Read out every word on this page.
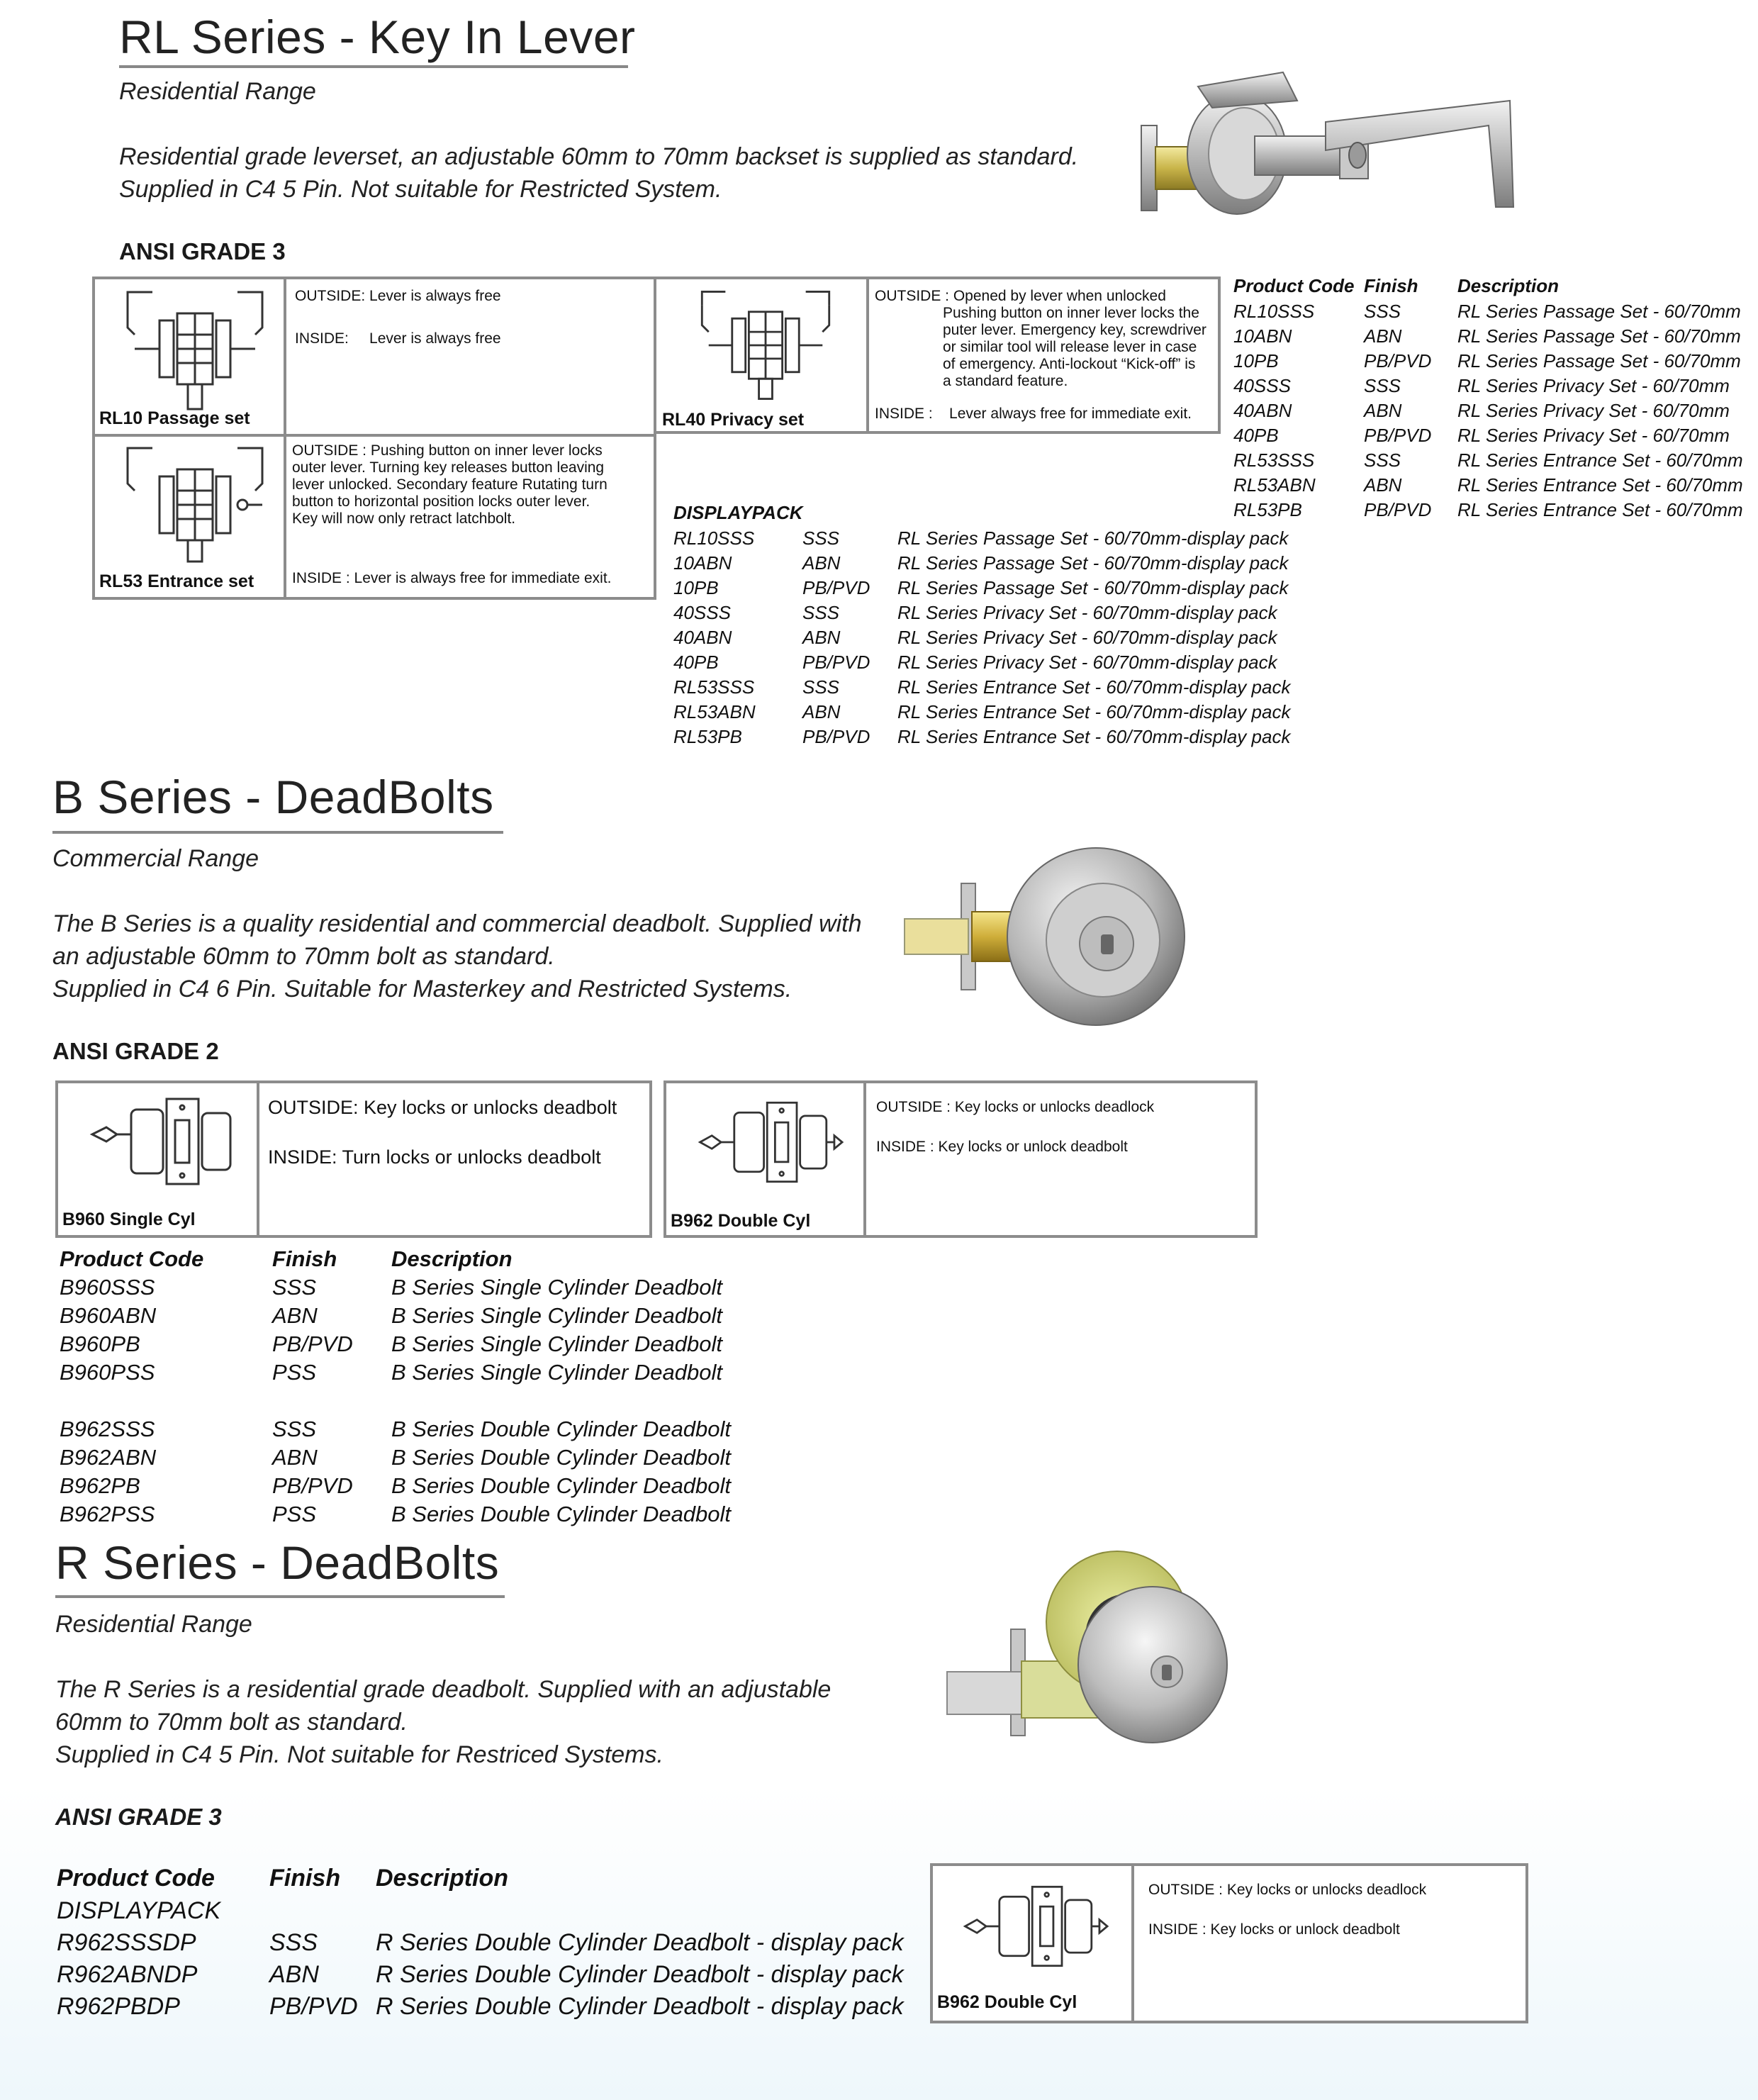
RL Series - Key In Lever
Residential Range
Residential grade leverset, an adjustable 60mm to 70mm backset is supplied as standard.
Supplied in C4 5 Pin. Not suitable for Restricted System.
ANSI GRADE 3
RL10 Passage set
OUTSIDE: Lever is always free
INSIDE:     Lever is always free
RL53 Entrance set
OUTSIDE : Pushing button on inner lever locks
outer lever. Turning key releases button leaving
lever unlocked. Secondary feature Rutating turn
button to horizontal position locks outer lever.
Key will now only retract latchbolt.
INSIDE : Lever is always free for immediate exit.
RL40 Privacy set
OUTSIDE : Opened by lever when unlocked
Pushing button on inner lever locks the
puter lever. Emergency key, screwdriver
or similar tool will release lever in case
of emergency. Anti-lockout “Kick-off” is
a standard feature.
INSIDE :    Lever always free for immediate exit.
Product Code Finish Description
RL10SSS	SSS	RL Series Passage Set - 60/70mm
10ABN	ABN	RL Series Passage Set - 60/70mm
10PB	PB/PVD RL Series Passage Set - 60/70mm
40SSS	SSS	RL Series Privacy Set - 60/70mm
40ABN	ABN	RL Series Privacy Set - 60/70mm
40PB	PB/PVD RL Series Privacy Set - 60/70mm
RL53SSS	SSS	RL Series Entrance Set - 60/70mm
RL53ABN	ABN	RL Series Entrance Set - 60/70mm
RL53PB	PB/PVD RL Series Entrance Set - 60/70mm
DISPLAYPACK
RL10SSS	SSS	RL Series Passage Set - 60/70mm-display pack
10ABN	ABN	RL Series Passage Set - 60/70mm-display pack
10PB	PB/PVD RL Series Passage Set - 60/70mm-display pack
40SSS	SSS	RL Series Privacy Set - 60/70mm-display pack
40ABN	ABN	RL Series Privacy Set - 60/70mm-display pack
40PB	PB/PVD RL Series Privacy Set - 60/70mm-display pack
RL53SSS	SSS	RL Series Entrance Set - 60/70mm-display pack
RL53ABN	ABN	RL Series Entrance Set - 60/70mm-display pack
RL53PB	PB/PVD RL Series Entrance Set - 60/70mm-display pack
B Series - DeadBolts
Commercial Range
The B Series is a quality residential and commercial deadbolt. Supplied with
an adjustable 60mm to 70mm bolt as standard.
Supplied in C4 6 Pin. Suitable for Masterkey and Restricted Systems.
ANSI GRADE 2
B960 Single Cyl
OUTSIDE: Key locks or unlocks deadbolt
INSIDE: Turn locks or unlocks deadbolt
B962 Double Cyl
OUTSIDE : Key locks or unlocks deadlock
INSIDE : Key locks or unlock deadbolt
Product Code	Finish Description
B960SSS	SSS	B Series Single Cylinder Deadbolt
B960ABN	ABN	B Series Single Cylinder Deadbolt
B960PB	PB/PVD B Series Single Cylinder Deadbolt
B960PSS	PSS	B Series Single Cylinder Deadbolt
B962SSS	SSS	B Series Double Cylinder Deadbolt
B962ABN	ABN	B Series Double Cylinder Deadbolt
B962PB	PB/PVD B Series Double Cylinder Deadbolt
B962PSS	PSS	B Series Double Cylinder Deadbolt
R Series - DeadBolts
Residential Range
The R Series is a residential grade deadbolt. Supplied with an adjustable
60mm to 70mm bolt as standard.
Supplied in C4 5 Pin. Not suitable for Restriced Systems.
ANSI GRADE 3
Product Code Finish Description
DISPLAYPACK
R962SSSDP	SSS R Series Double Cylinder Deadbolt - display pack
R962ABNDP	ABN R Series Double Cylinder Deadbolt - display pack
R962PBDP	PB/PVD R Series Double Cylinder Deadbolt - display pack B962 Double Cyl
OUTSIDE : Key locks or unlocks deadlock
INSIDE : Key locks or unlock deadbolt
